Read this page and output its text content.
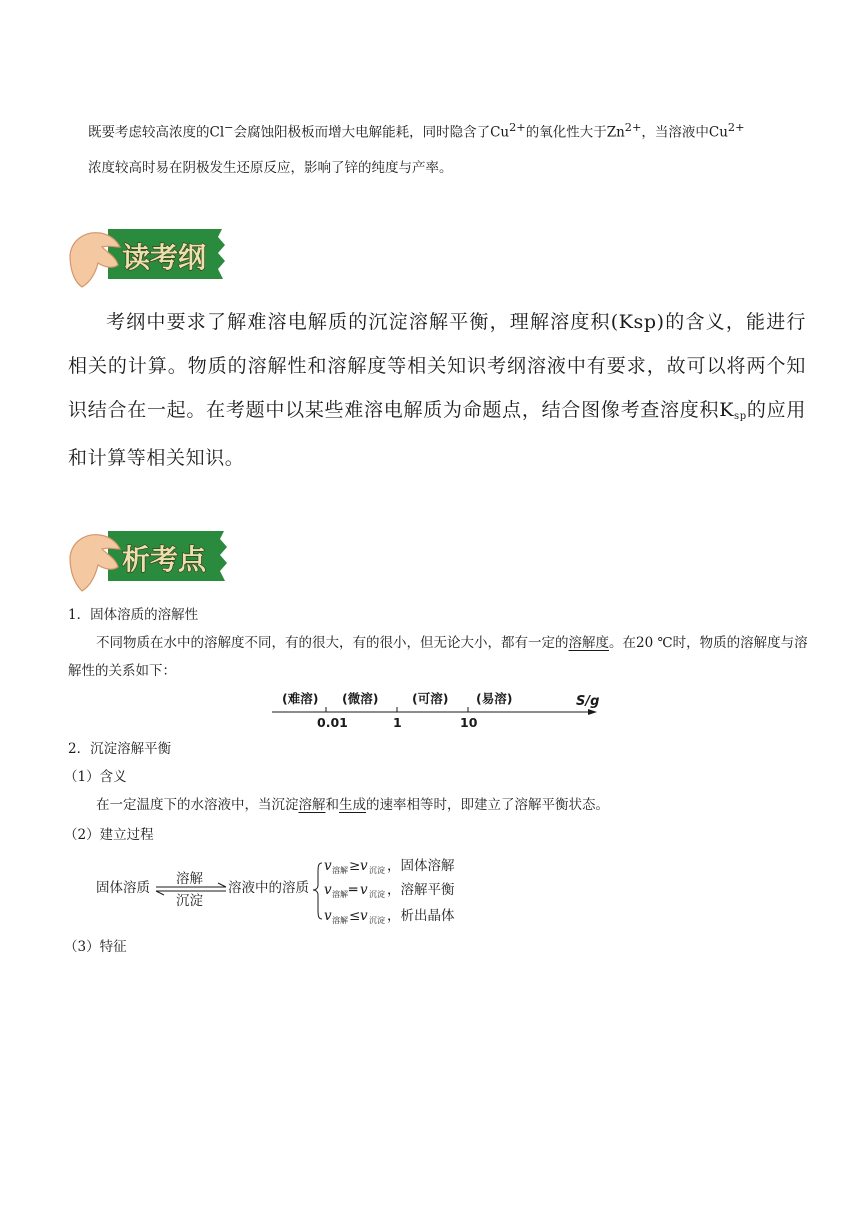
既要考虑较高浓度的Cl−会腐蚀阳极板而增大电解能耗，同时隐含了$Cu^{2+}$的氧化性大于$Zn^{2+}$，当溶液中$Cu^{2+}$

浓度较高时易在阴极发生还原反应，影响了锌的纯度与产率。

读考纲

考纲中要求了解难溶电解质的沉淀溶解平衡，理解溶度积(Ksp)的含义，能进行相关的计算。物质的溶解性和溶解度等相关知识考纲溶液中有要求，故可以将两个知识结合在一起。在考题中以某些难溶电解质为命题点，结合图像考查溶度积Ksp的应用和计算等相关知识。

析考点
1．固体溶质的溶解性

不同物质在水中的溶解度不同，有的很大，有的很小，但无论大小，都有一定的溶解度。在20 ℃时，物质的溶解度与溶解性的关系如下：

(难溶) (微溶)	(可溶) (易溶)
0.01	1	10
S/g
2．沉淀溶解平衡
（1）含义
在一定温度下的水溶液中，当沉淀溶解和生成的速率相等时，即建立了溶解平衡状态。
（2）建立过程
固体溶质
溶解
沉淀
溶液中的溶质
v 溶解 ≥ v 沉淀 ，固体溶解
v 溶解 ═ v 沉淀 ，溶解平衡
v 溶解 ≤ v 沉淀 ，析出晶体
（3）特征
